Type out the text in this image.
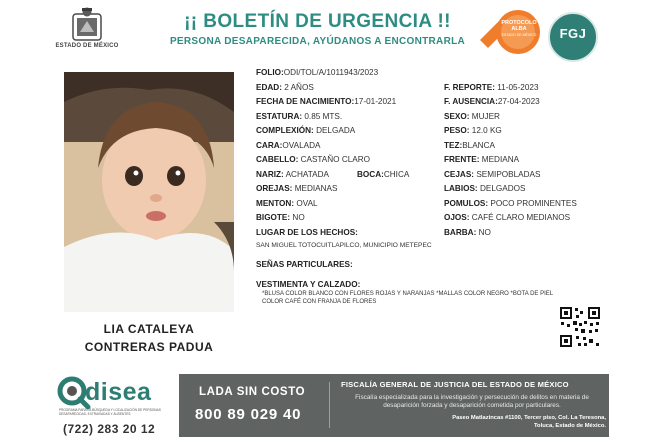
ESTADO DE MÉXICO
¡¡ BOLETÍN DE URGENCIA !!
PERSONA DESAPARECIDA, AYÚDANOS A ENCONTRARLA
PROTOCOLO ALBA
ESTADO DE MÉXICO	FGJ
LIA CATALEYA
CONTRERAS PADUA
FOLIO:ODI/TOL/A/1011943/2023
EDAD: 2 AÑOS	F. REPORTE: 11-05-2023
FECHA DE NACIMIENTO:17-01-2021	F. AUSENCIA:27-04-2023
ESTATURA: 0.85 MTS.	SEXO: MUJER
COMPLEXIÓN: DELGADA	PESO: 12.0 KG
CARA:OVALADA	TEZ:BLANCA
CABELLO: CASTAÑO CLARO	FRENTE: MEDIANA
NARIZ: ACHATADA	BOCA:CHICA	CEJAS: SEMIPOBLADAS
OREJAS: MEDIANAS	LABIOS: DELGADOS
MENTON: OVAL	POMULOS: POCO PROMINENTES
BIGOTE: NO	OJOS: CAFÉ CLARO MEDIANOS
LUGAR DE LOS HECHOS:	BARBA: NO
SAN MIGUEL TOTOCUITLAPILCO, MUNICIPIO METEPEC
SEÑAS PARTICULARES:
VESTIMENTA Y CALZADO:
*BLUSA COLOR BLANCO CON FLORES ROJAS Y NARANJAS *MALLAS COLOR NEGRO *BOTA DE PIEL COLOR CAFÉ CON FRANJA DE FLORES
disea
PROGRAMA PARA LA BÚSQUEDA Y LOCALIZACIÓN DE PERSONAS DESAPARECIDAS, EXTRAVIADAS Y AUSENTES
(722) 283 20 12
LADA SIN COSTO
800 89 029 40
FISCALÍA GENERAL DE JUSTICIA DEL ESTADO DE MÉXICO
Fiscalía especializada para la investigación y persecución de delitos en materia de desaparición forzada y desaparición cometida por particulares.
Paseo Matlazincas #1100, Tercer piso, Col. La Teresona,
Toluca, Estado de México.
